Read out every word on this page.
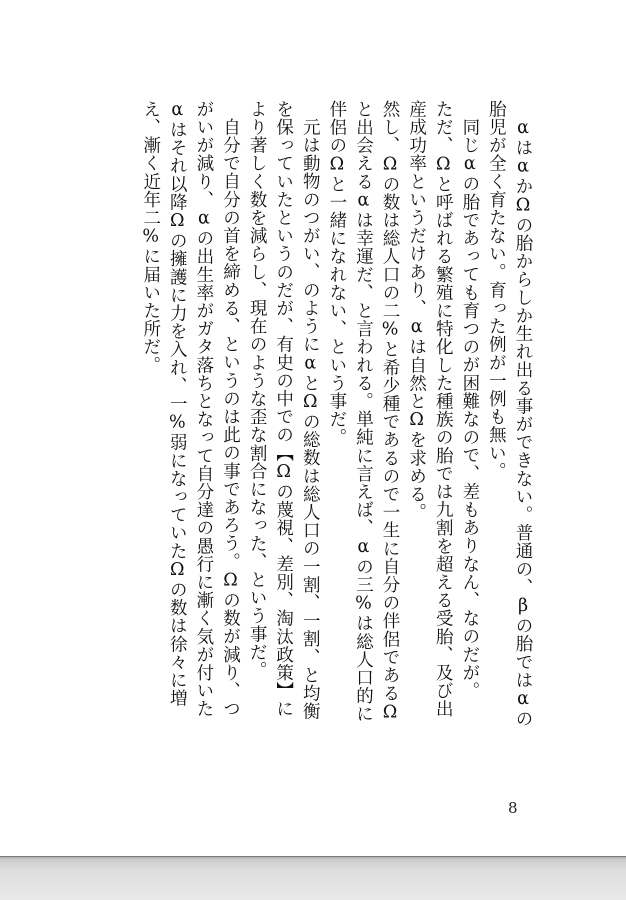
αはαかΩの胎からしか生れ出る事ができない。普通の、βの胎ではαの胎児が全く育たない。育った例が一例も無い。

同じαの胎であっても育つのが困難なので、差もありなん、なのだが。

ただ、Ωと呼ばれる繁殖に特化した種族の胎では九割を超える受胎、及び出産成功率というだけあり、αは自然とΩを求める。

然し、Ωの数は総人口の二%と希少種であるので一生に自分の伴侶であるΩと出会えるαは幸運だ、と言われる。単純に言えば、αの三%は総人口的に伴侶のΩと一緒になれない、という事だ。

元は動物のつがい、のようにαとΩの総数は総人口の一割、一割、と均衡を保っていたというのだが、有史の中での【Ωの蔑視、差別、淘汰政策】により著しく数を減らし、現在のような歪な割合になった、という事だ。

自分で自分の首を締める、というのは此の事であろう。Ωの数が減り、つがいが減り、αの出生率がガタ落ちとなって自分達の愚行に漸く気が付いたαはそれ以降Ωの擁護に力を入れ、一%弱になっていたΩの数は徐々に増え、漸く近年二%に届いた所だ。

8
